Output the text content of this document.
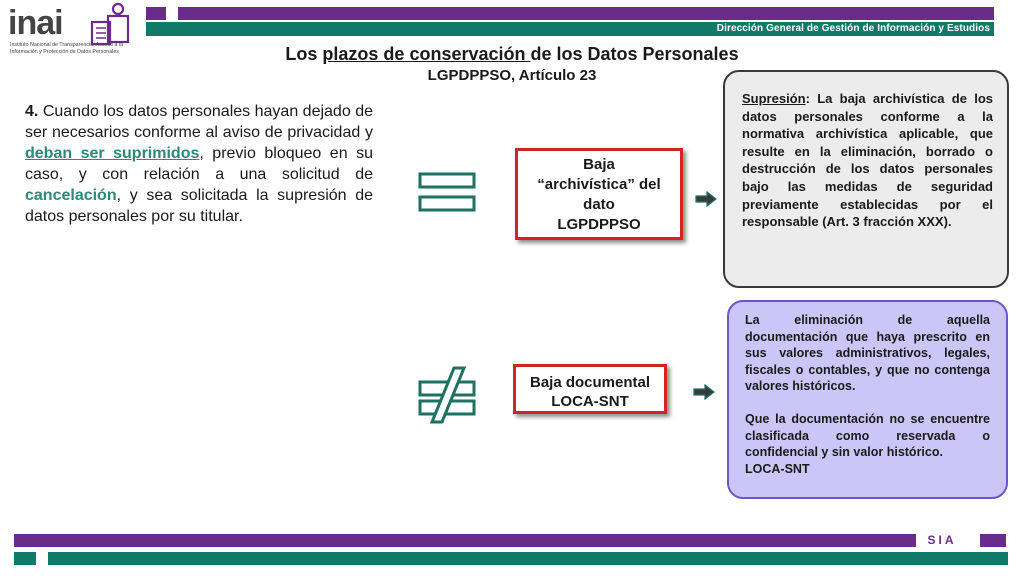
Dirección General de Gestión de Información y Estudios
inai
Instituto Nacional de Transparencia, Acceso a la Información y Protección de Datos Personales	Los plazos de conservación de los Datos Personales
LGPDPPSO, Artículo 23
4. Cuando los datos personales hayan dejado de ser necesarios conforme al aviso de privacidad y deban ser suprimidos, previo bloqueo en su caso, y con relación a una solicitud de cancelación, y sea solicitada la supresión de datos personales por su titular.
Baja
“archivística” del
dato
LGPDPPSO
Baja documental
LOCA-SNT
Supresión: La baja archivística de los datos personales conforme a la normativa archivística aplicable, que resulte en la eliminación, borrado o destrucción de los datos personales bajo las medidas de seguridad previamente establecidas por el responsable (Art. 3 fracción XXX).

La eliminación de aquella documentación que haya prescrito en sus valores administrativos, legales, fiscales o contables, y que no contenga valores históricos.

Que la documentación no se encuentre clasificada como reservada o confidencial y sin valor histórico.

LOCA-SNT

SIA
